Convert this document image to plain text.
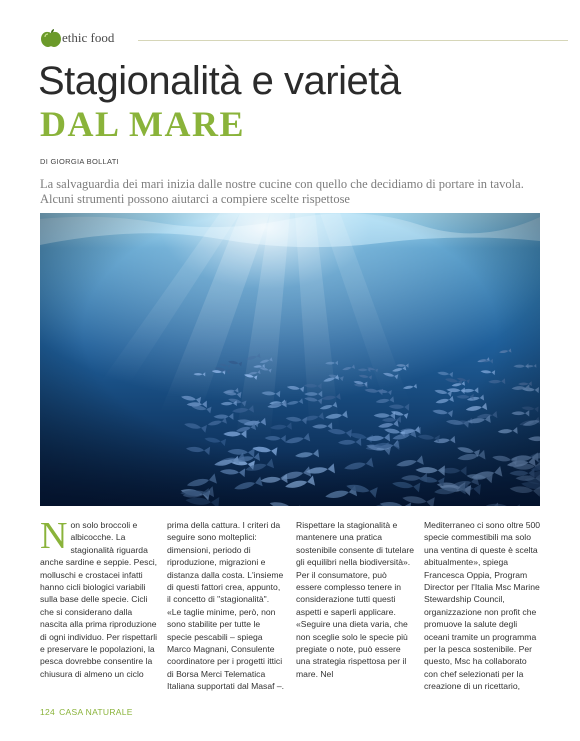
ethic food
Stagionalità e varietà
DAL MARE
DI GIORGIA BOLLATI

La salvaguardia dei mari inizia dalle nostre cucine con quello che decidiamo di portare in tavola. Alcuni strumenti possono aiutarci a compiere scelte rispettose

N on solo broccoli e albicocche. La stagionalità riguarda anche sardine e seppie. Pesci, molluschi e crostacei infatti hanno cicli biologici variabili sulla base delle specie. Cicli che si considerano dalla nascita alla prima riproduzione di ogni individuo. Per rispettarli e preservare le popolazioni, la pesca dovrebbe consentire la chiusura di almeno un ciclo

prima della cattura. I criteri da seguire sono molteplici: dimensioni, periodo di riproduzione, migrazioni e distanza dalla costa. L'insieme di questi fattori crea, appunto, il concetto di "stagionalità". «Le taglie minime, però, non sono stabilite per tutte le specie pescabili – spiega Marco Magnani, Consulente coordinatore per i progetti ittici di Borsa Merci Telematica Italiana supportati dal Masaf –.

Rispettare la stagionalità e mantenere una pratica sostenibile consente di tutelare gli equilibri nella biodiversità». Per il consumatore, può essere complesso tenere in considerazione tutti questi aspetti e saperli applicare. «Seguire una dieta varia, che non sceglie solo le specie più pregiate o note, può essere una strategia rispettosa per il mare. Nel

Mediterraneo ci sono oltre 500 specie commestibili ma solo una ventina di queste è scelta abitualmente», spiega Francesca Oppia, Program Director per l'Italia Msc Marine Stewardship Council, organizzazione non profit che promuove la salute degli oceani tramite un programma per la pesca sostenibile. Per questo, Msc ha collaborato con chef selezionati per la creazione di un ricettario,

124 CASA NATURALE
